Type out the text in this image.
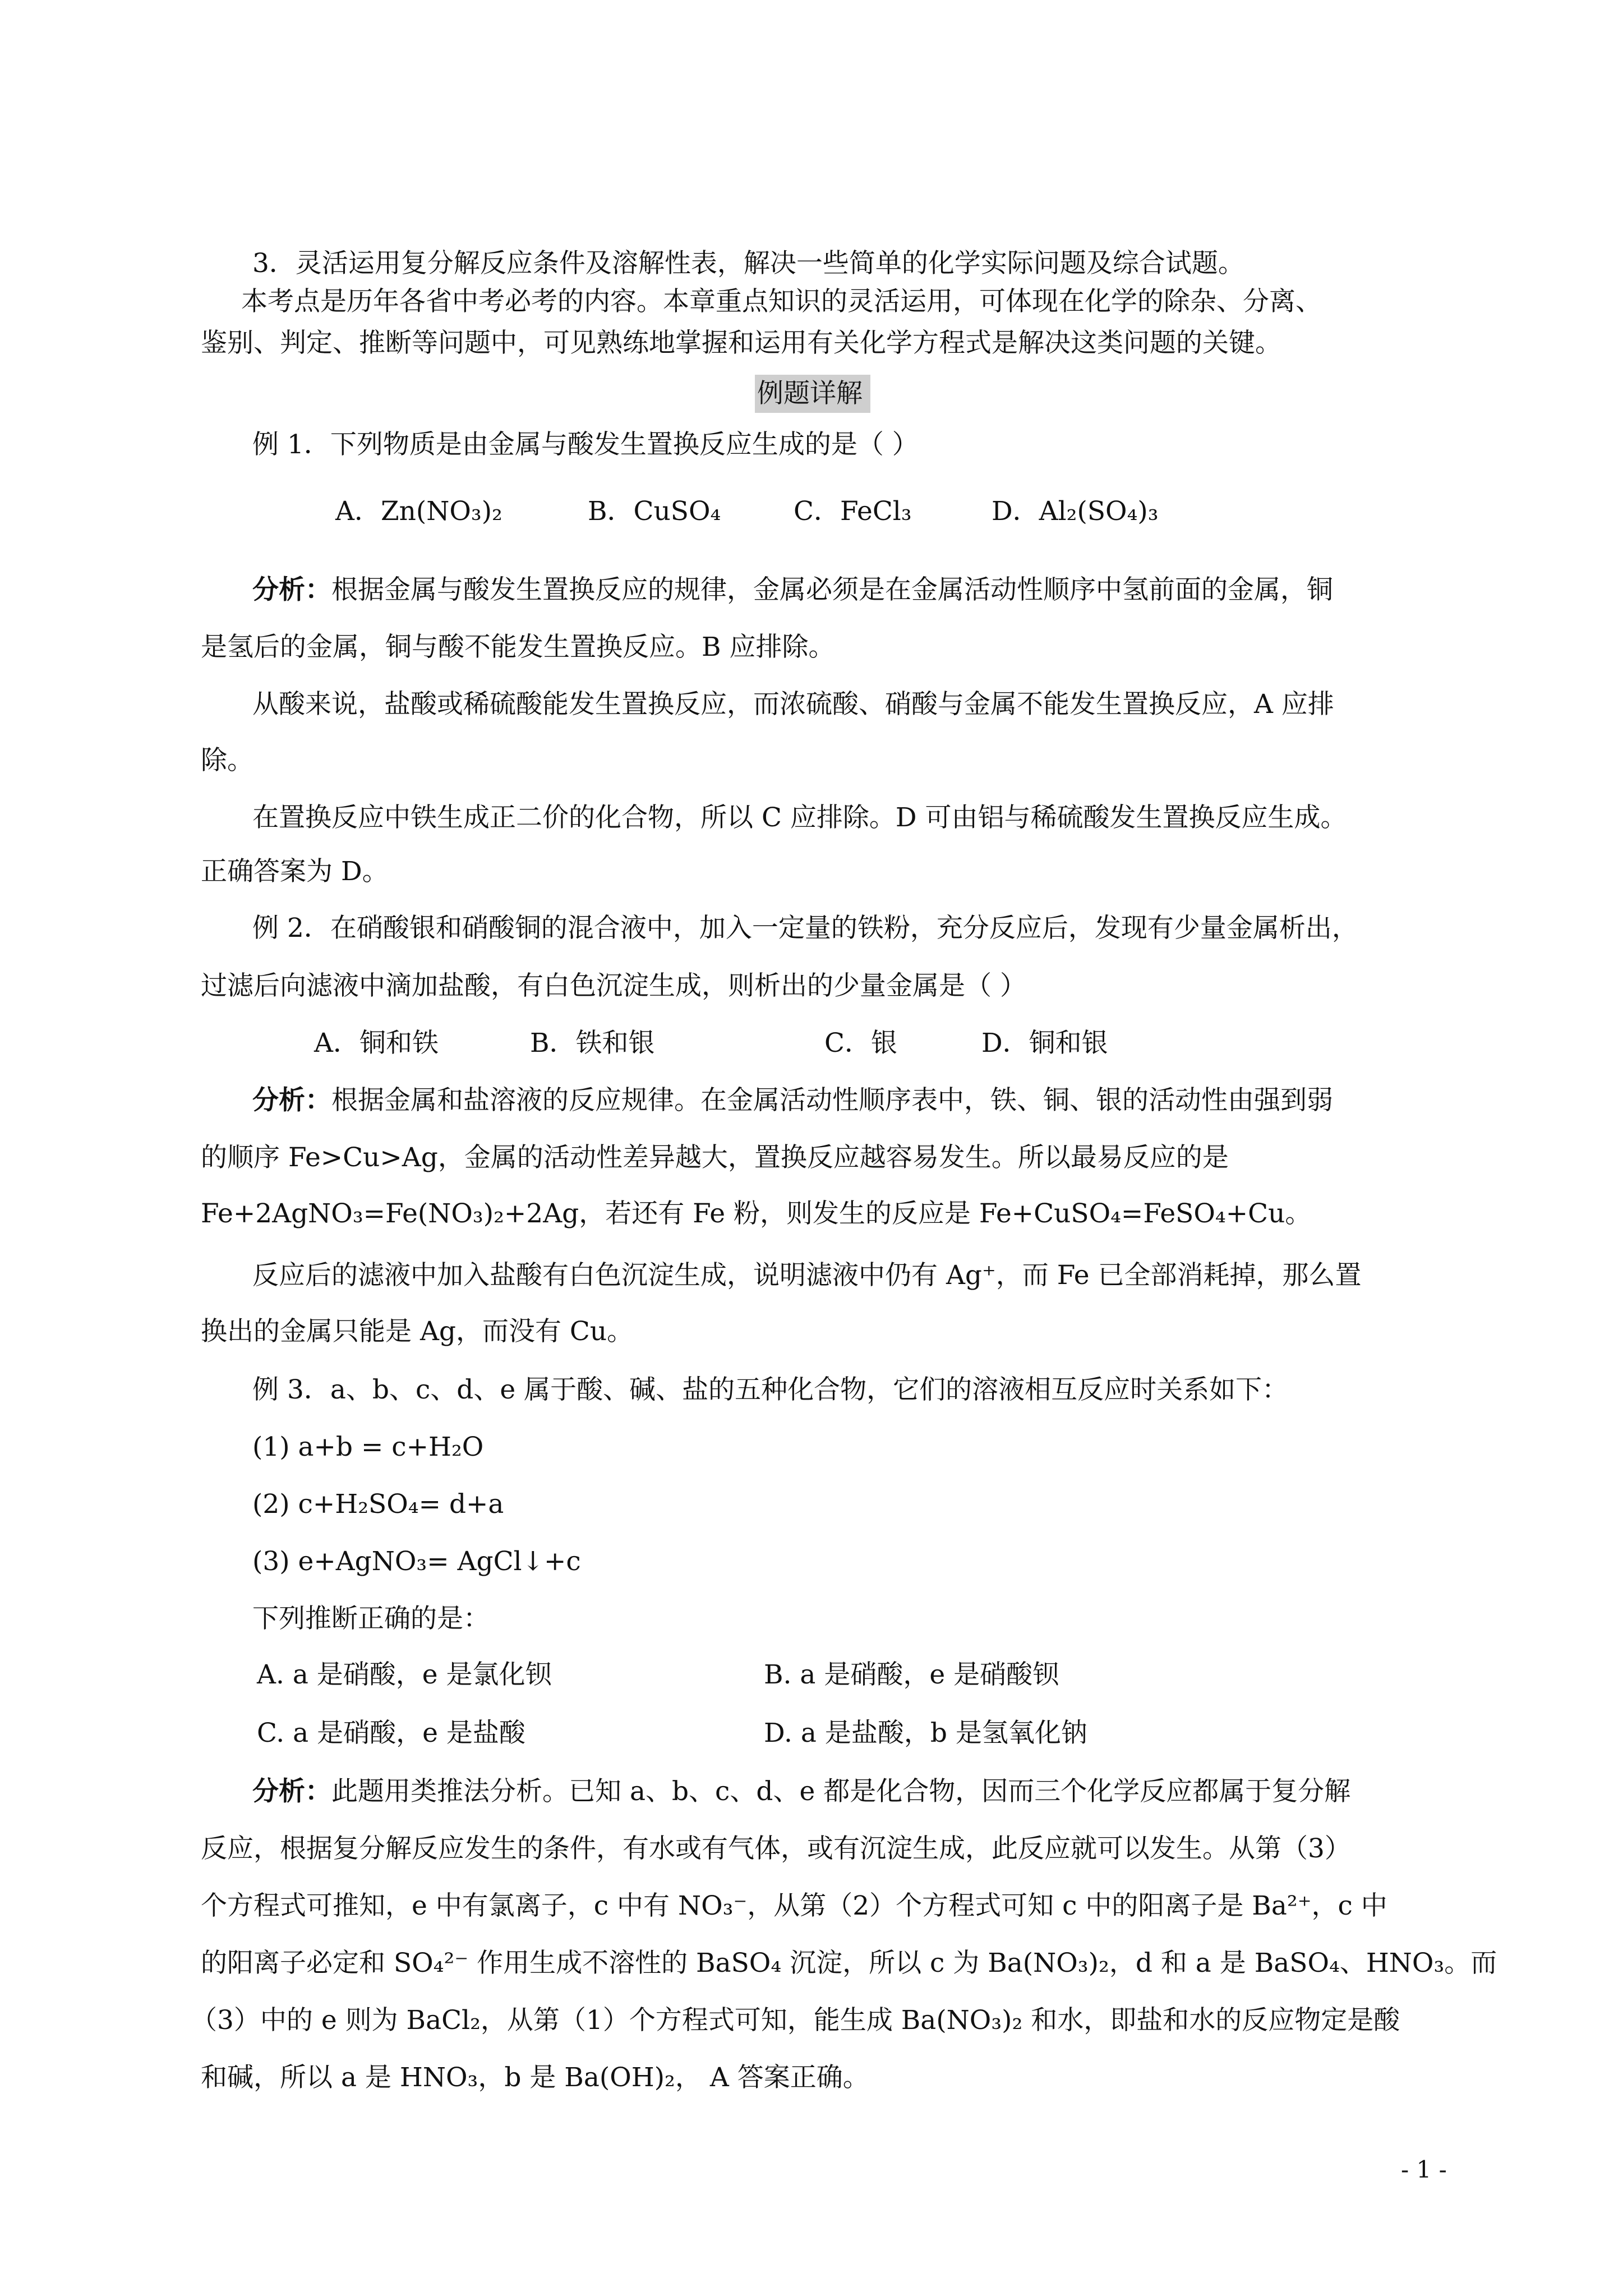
3．灵活运用复分解反应条件及溶解性表，解决一些简单的化学实际问题及综合试题。
本考点是历年各省中考必考的内容。本章重点知识的灵活运用，可体现在化学的除杂、分离、
鉴别、判定、推断等问题中，可见熟练地掌握和运用有关化学方程式是解决这类问题的关键。
例题详解
例 1．下列物质是由金属与酸发生置换反应生成的是（ ）
A．Zn(NO₃)₂	B．CuSO₄	C．FeCl₃	D．Al₂(SO₄)₃
分析：根据金属与酸发生置换反应的规律，金属必须是在金属活动性顺序中氢前面的金属，铜
是氢后的金属，铜与酸不能发生置换反应。B 应排除。
从酸来说，盐酸或稀硫酸能发生置换反应，而浓硫酸、硝酸与金属不能发生置换反应，A 应排
除。
在置换反应中铁生成正二价的化合物，所以 C 应排除。D 可由铝与稀硫酸发生置换反应生成。
正确答案为 D。
例 2．在硝酸银和硝酸铜的混合液中，加入一定量的铁粉，充分反应后，发现有少量金属析出，
过滤后向滤液中滴加盐酸，有白色沉淀生成，则析出的少量金属是（ ）
A．铜和铁	B．铁和银	C．银	D．铜和银
分析：根据金属和盐溶液的反应规律。在金属活动性顺序表中，铁、铜、银的活动性由强到弱
的顺序 Fe>Cu>Ag，金属的活动性差异越大，置换反应越容易发生。所以最易反应的是
Fe+2AgNO₃=Fe(NO₃)₂+2Ag，若还有 Fe 粉，则发生的反应是 Fe+CuSO₄=FeSO₄+Cu。
反应后的滤液中加入盐酸有白色沉淀生成，说明滤液中仍有 Ag⁺，而 Fe 已全部消耗掉，那么置
换出的金属只能是 Ag，而没有 Cu。
例 3．a、b、c、d、e 属于酸、碱、盐的五种化合物，它们的溶液相互反应时关系如下：
(1) a+b = c+H₂O
(2) c+H₂SO₄= d+a
(3) e+AgNO₃= AgCl↓+c
下列推断正确的是：
A. a 是硝酸，e 是氯化钡	B. a 是硝酸，e 是硝酸钡
C. a 是硝酸，e 是盐酸	D. a 是盐酸，b 是氢氧化钠
分析：此题用类推法分析。已知 a、b、c、d、e 都是化合物，因而三个化学反应都属于复分解
反应，根据复分解反应发生的条件，有水或有气体，或有沉淀生成，此反应就可以发生。从第（3）
个方程式可推知，e 中有氯离子，c 中有 NO₃⁻，从第（2）个方程式可知 c 中的阳离子是 Ba²⁺，c 中
的阳离子必定和 SO₄²⁻ 作用生成不溶性的 BaSO₄ 沉淀，所以 c 为 Ba(NO₃)₂，d 和 a 是 BaSO₄、HNO₃。而
（3）中的 e 则为 BaCl₂，从第（1）个方程式可知，能生成 Ba(NO₃)₂ 和水，即盐和水的反应物定是酸
和碱，所以 a 是 HNO₃，b 是 Ba(OH)₂， A 答案正确。
- 1 -
